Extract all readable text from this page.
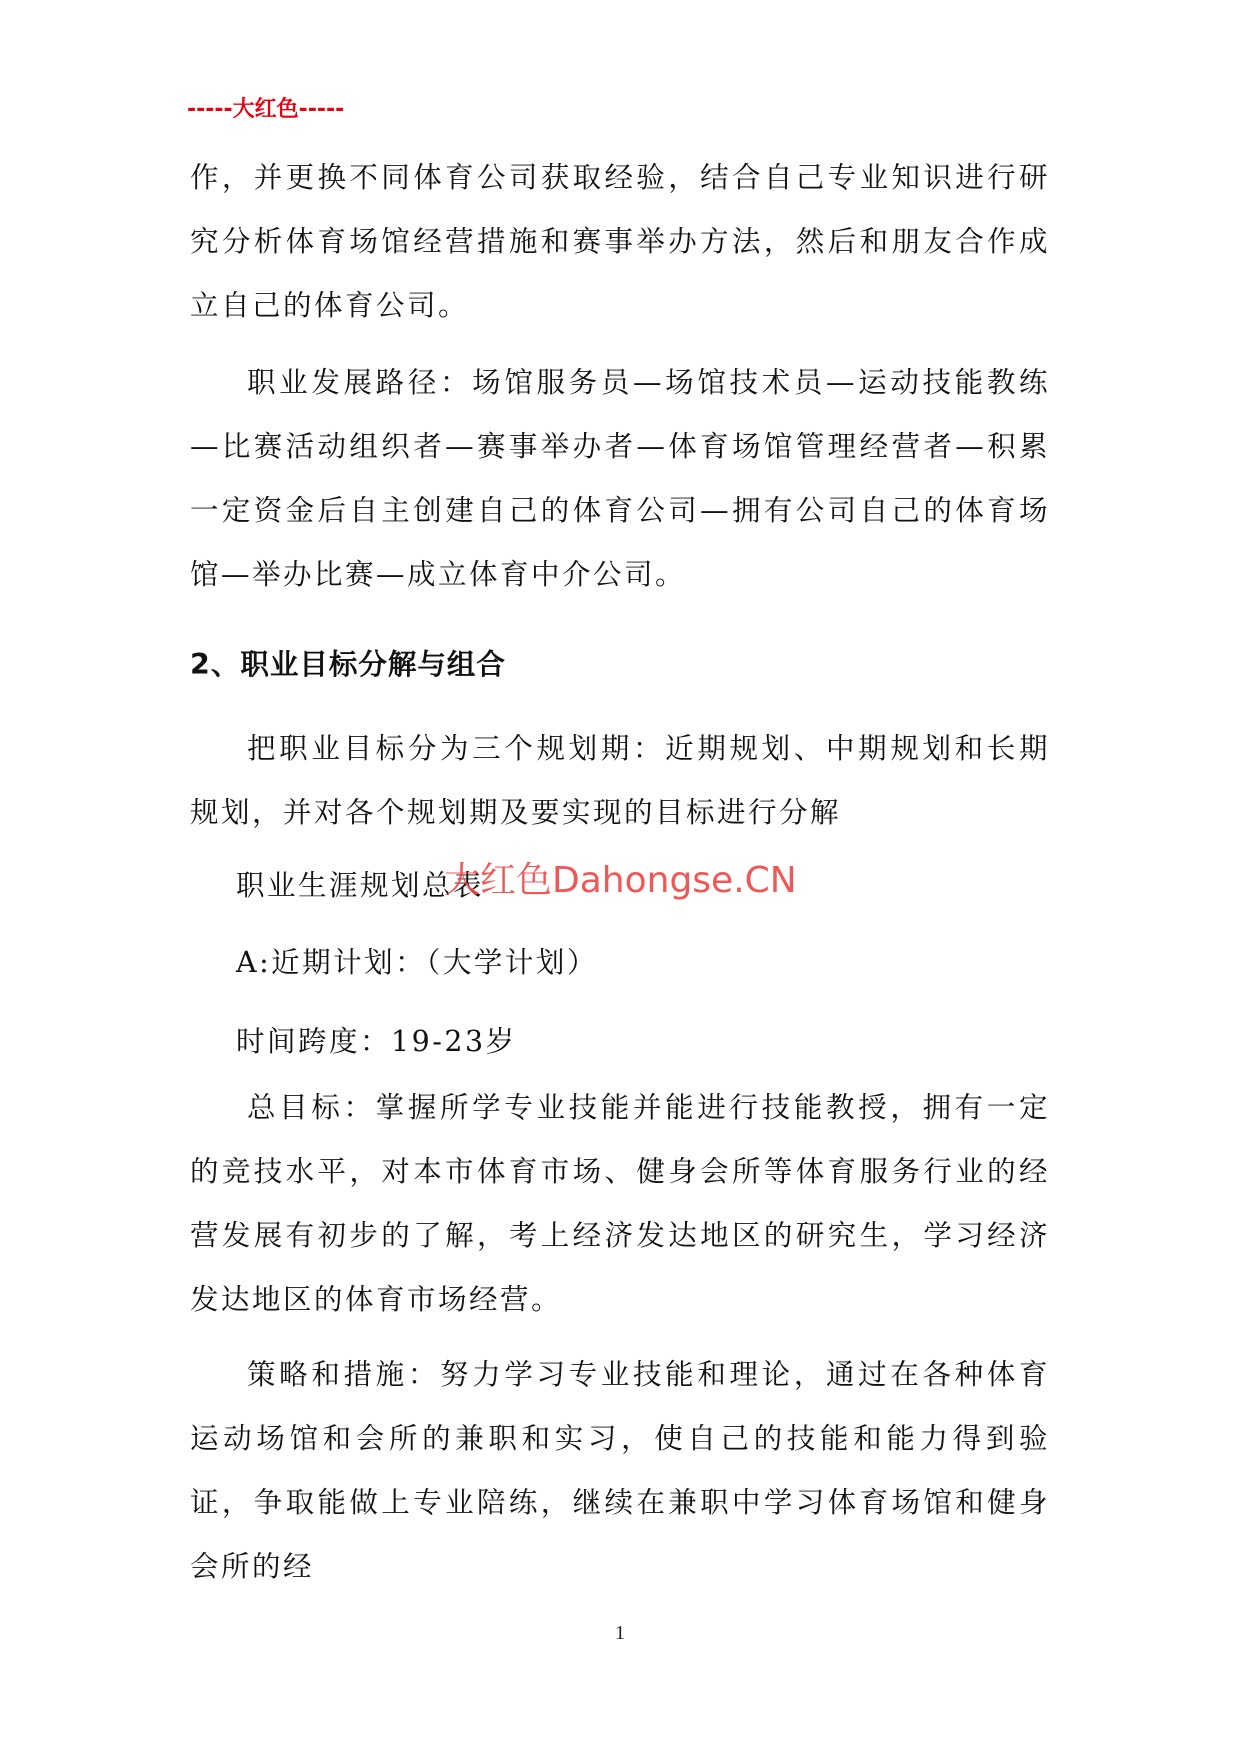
-----大红色-----

作，并更换不同体育公司获取经验，结合自己专业知识进行研究分析体育场馆经营措施和赛事举办方法，然后和朋友合作成立自己的体育公司。

职业发展路径：场馆服务员—场馆技术员—运动技能教练—比赛活动组织者—赛事举办者—体育场馆管理经营者—积累一定资金后自主创建自己的体育公司—拥有公司自己的体育场馆—举办比赛—成立体育中介公司。

2、职业目标分解与组合

把职业目标分为三个规划期：近期规划、中期规划和长期规划，并对各个规划期及要实现的目标进行分解

职业生涯规划总表

A:近期计划：（大学计划）

时间跨度：19-23岁

总目标：掌握所学专业技能并能进行技能教授，拥有一定的竞技水平，对本市体育市场、健身会所等体育服务行业的经营发展有初步的了解，考上经济发达地区的研究生，学习经济发达地区的体育市场经营。

策略和措施：努力学习专业技能和理论，通过在各种体育运动场馆和会所的兼职和实习，使自己的技能和能力得到验证，争取能做上专业陪练，继续在兼职中学习体育场馆和健身会所的经

大红色Dahongse.CN
1
